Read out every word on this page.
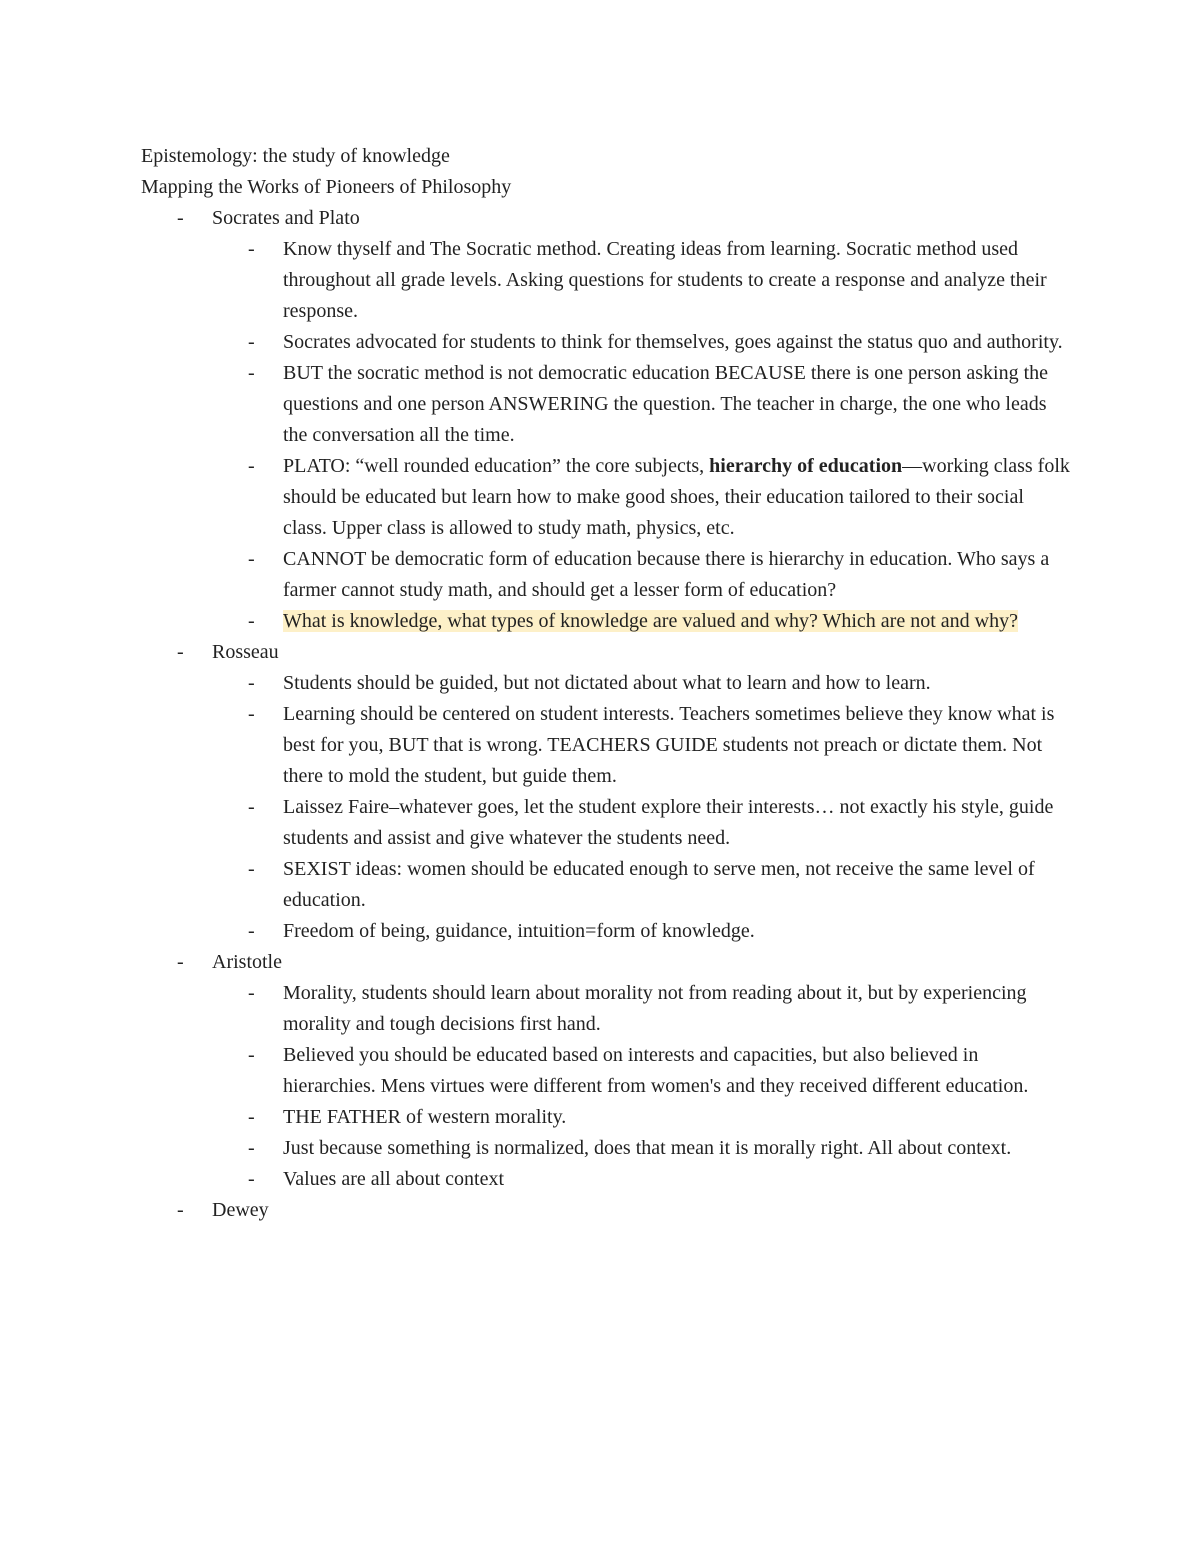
Epistemology: the study of knowledge

Mapping the Works of Pioneers of Philosophy

- Socrates and Plato
- Know thyself and The Socratic method. Creating ideas from learning. Socratic method used throughout all grade levels. Asking questions for students to create a response and analyze their response.
- Socrates advocated for students to think for themselves, goes against the status quo and authority.
- BUT the socratic method is not democratic education BECAUSE there is one person asking the questions and one person ANSWERING the question. The teacher in charge, the one who leads the conversation all the time.
- PLATO: “well rounded education” the core subjects, hierarchy of education—working class folk should be educated but learn how to make good shoes, their education tailored to their social class. Upper class is allowed to study math, physics, etc.
- CANNOT be democratic form of education because there is hierarchy in education. Who says a farmer cannot study math, and should get a lesser form of education?
- What is knowledge, what types of knowledge are valued and why? Which are not and why?
- Rosseau
- Students should be guided, but not dictated about what to learn and how to learn.
- Learning should be centered on student interests. Teachers sometimes believe they know what is best for you, BUT that is wrong. TEACHERS GUIDE students not preach or dictate them. Not there to mold the student, but guide them.
- Laissez Faire–whatever goes, let the student explore their interests… not exactly his style, guide students and assist and give whatever the students need.
- SEXIST ideas: women should be educated enough to serve men, not receive the same level of education.
- Freedom of being, guidance, intuition=form of knowledge.
- Aristotle
- Morality, students should learn about morality not from reading about it, but by experiencing morality and tough decisions first hand.
- Believed you should be educated based on interests and capacities, but also believed in hierarchies. Mens virtues were different from women's and they received different education.
- THE FATHER of western morality.
- Just because something is normalized, does that mean it is morally right. All about context.
- Values are all about context
- Dewey
